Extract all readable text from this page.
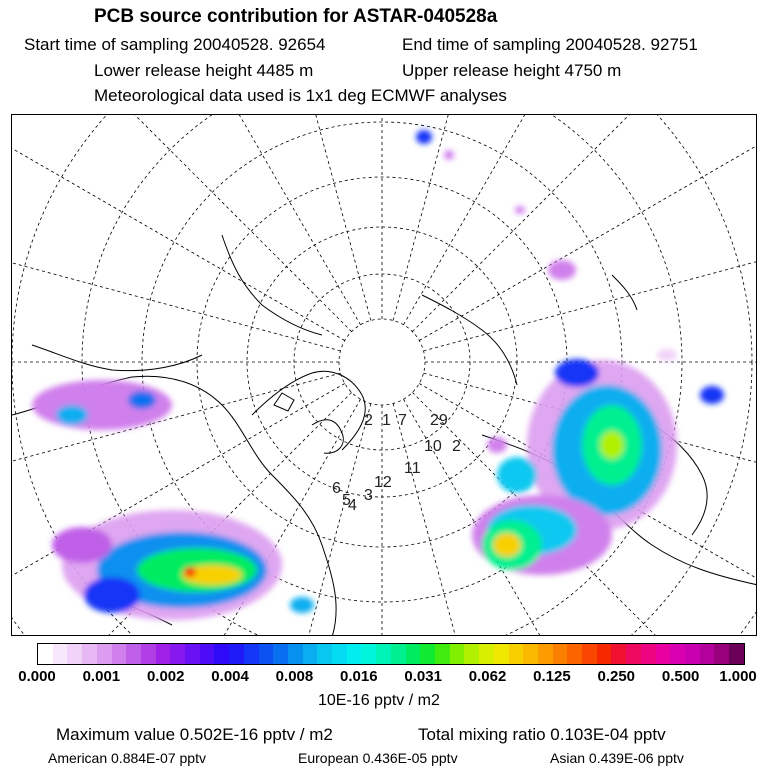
PCB source contribution for ASTAR-040528a
Start time of sampling 20040528. 92654	End time of sampling 20040528. 92751
Lower release height 4485 m	Upper release height 4750 m
Meteorological data used is 1x1 deg ECMWF analyses
2 1 7 29
10
6
5
4
3
12
11
2
0.000 0.001 0.002 0.004 0.008 0.016 0.031 0.062 0.125 0.250 0.500 1.000
10E-16 pptv / m2
Maximum value 0.502E-16 pptv / m2	Total mixing ratio 0.103E-04 pptv
American 0.884E-07 pptv	European 0.436E-05 pptv	Asian 0.439E-06 pptv
